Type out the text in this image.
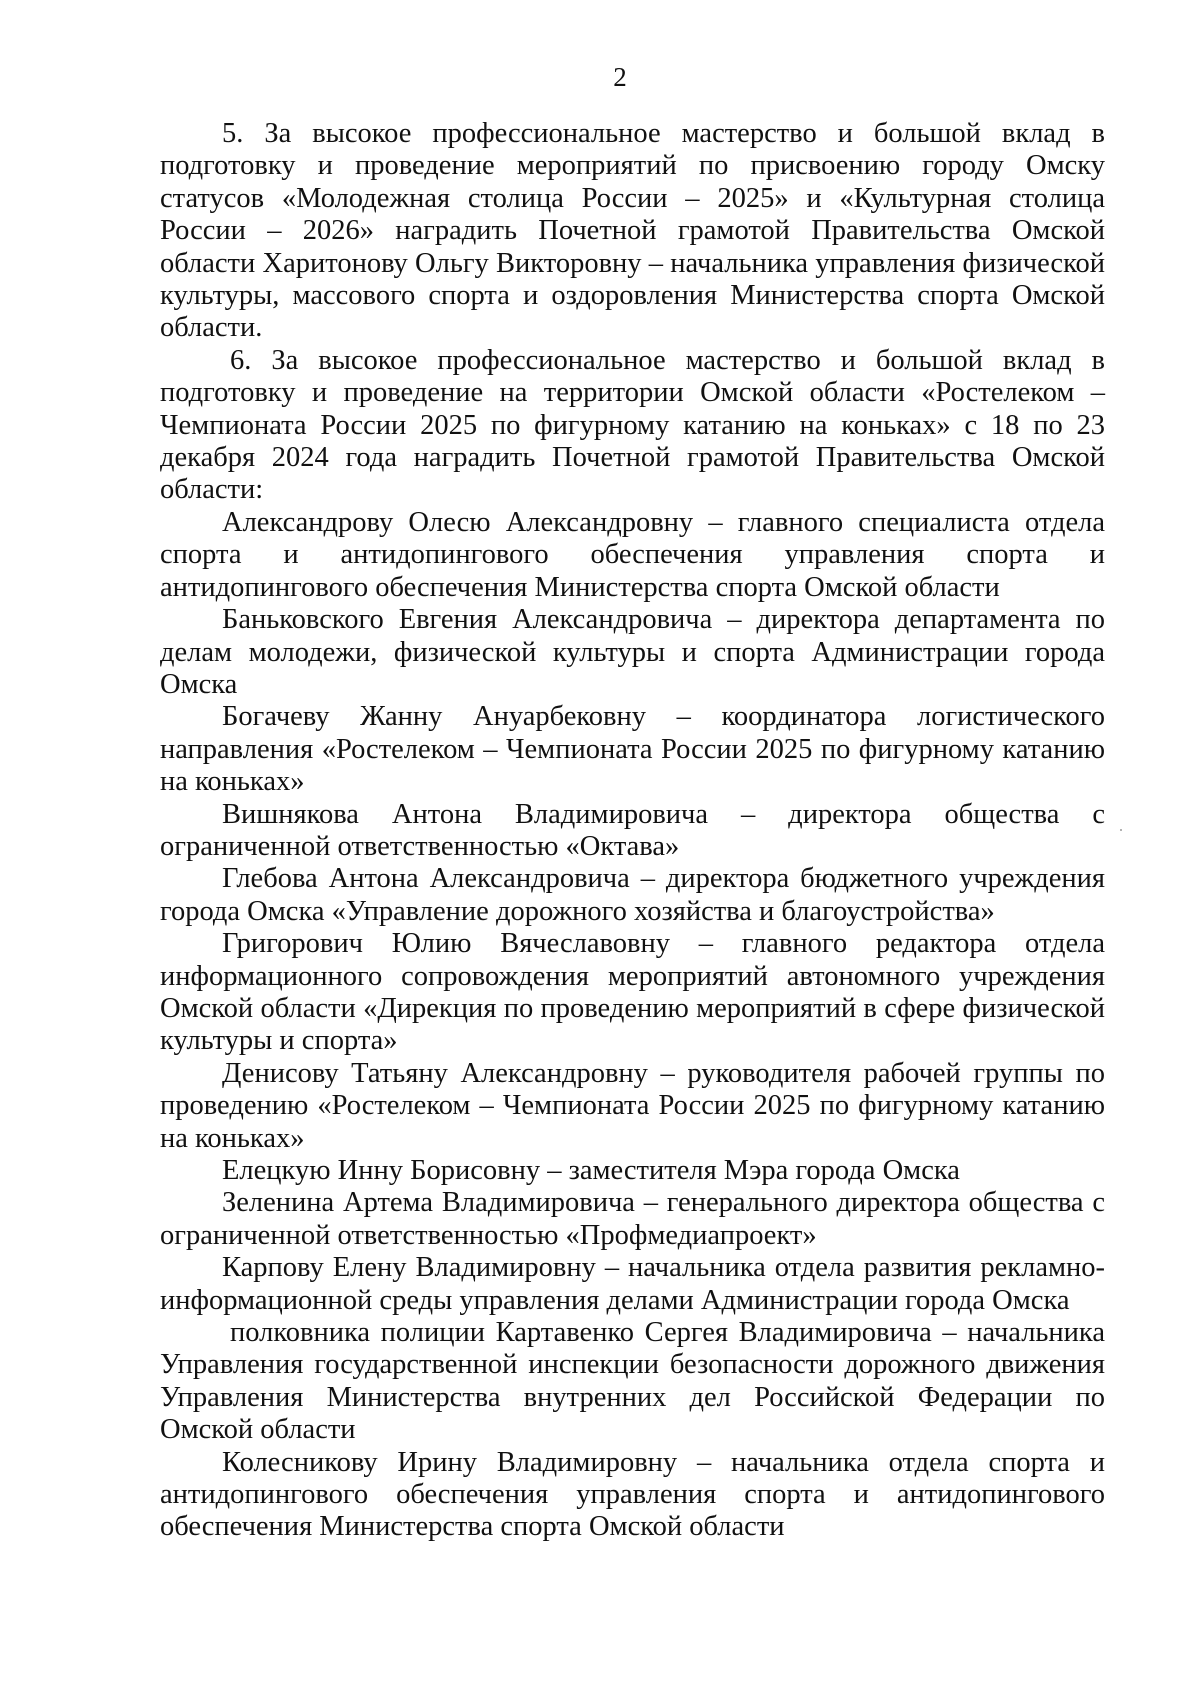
2

5. За высокое профессиональное мастерство и большой вклад в подготовку и проведение мероприятий по присвоению городу Омску статусов «Молодежная столица России – 2025» и «Культурная столица России – 2026» наградить Почетной грамотой Правительства Омской области Харитонову Ольгу Викторовну – начальника управления физической культуры, массового спорта и оздоровления Министерства спорта Омской области.

6. За высокое профессиональное мастерство и большой вклад в подготовку и проведение на территории Омской области «Ростелеком – Чемпионата России 2025 по фигурному катанию на коньках» с 18 по 23 декабря 2024 года наградить Почетной грамотой Правительства Омской области:

Александрову Олесю Александровну – главного специалиста отдела спорта и антидопингового обеспечения управления спорта и антидопингового обеспечения Министерства спорта Омской области

Баньковского Евгения Александровича – директора департамента по делам молодежи, физической культуры и спорта Администрации города Омска

Богачеву Жанну Ануарбековну – координатора логистического направления «Ростелеком – Чемпионата России 2025 по фигурному катанию на коньках»

Вишнякова Антона Владимировича – директора общества с ограниченной ответственностью «Октава»

Глебова Антона Александровича – директора бюджетного учреждения города Омска «Управление дорожного хозяйства и благоустройства»

Григорович Юлию Вячеславовну – главного редактора отдела информационного сопровождения мероприятий автономного учреждения Омской области «Дирекция по проведению мероприятий в сфере физической культуры и спорта»

Денисову Татьяну Александровну – руководителя рабочей группы по проведению «Ростелеком – Чемпионата России 2025 по фигурному катанию на коньках»

Елецкую Инну Борисовну – заместителя Мэра города Омска

Зеленина Артема Владимировича – генерального директора общества с ограниченной ответственностью «Профмедиапроект»

Карпову Елену Владимировну – начальника отдела развития рекламно-информационной среды управления делами Администрации города Омска

полковника полиции Картавенко Сергея Владимировича – начальника Управления государственной инспекции безопасности дорожного движения Управления Министерства внутренних дел Российской Федерации по Омской области

Колесникову Ирину Владимировну – начальника отдела спорта и антидопингового обеспечения управления спорта и антидопингового обеспечения Министерства спорта Омской области
